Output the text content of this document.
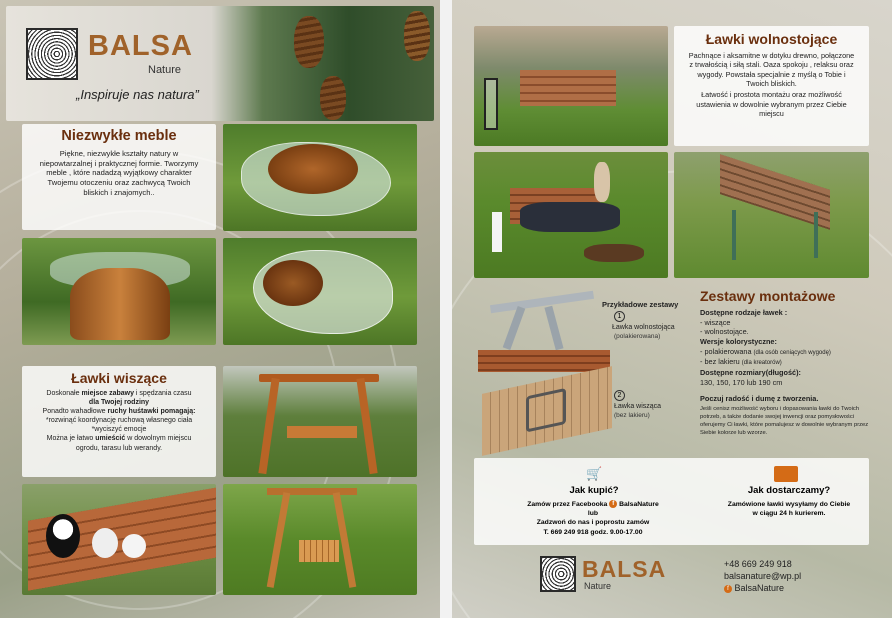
BALSA
Nature
„Inspiruje nas natura”
Niezwykłe meble
Piękne, niezwykłe kształty natury w niepowtarzalnej i praktycznej formie. Tworzymy meble , które nadadzą wyjątkowy charakter Twojemu otoczeniu oraz zachwycą Twoich bliskich i znajomych..
Ławki wiszące
Doskonałe miejsce zabawy i spędzania czasu
dla Twojej rodziny
Ponadto wahadłowe ruchy huśtawki pomagają:
*rozwinąć koordynację ruchową własnego ciała
*wyciszyć emocje
Można je łatwo umieścić w dowolnym miejscu
ogrodu, tarasu lub werandy.
Ławki wolnostojące
Pachnące i aksamitne w dotyku drewno, połączone z trwałością i siłą stali. Oaza spokoju , relaksu oraz wygody. Powstała specjalnie z myślą o Tobie i Twoich bliskich.
Łatwość i prostota montażu oraz możliwość ustawienia w dowolnie wybranym przez Ciebie miejscu
Przykładowe zestawy
1
Ławka wolnostojąca
(polakierowana)
2
Ławka wisząca
(bez lakieru)
Zestawy montażowe
Dostępne rodzaje ławek :
- wiszące
- wolnostojące.
Wersje kolorystyczne:
- polakierowana (dla osób ceniących wygodę)
- bez lakieru (dla kreatorów)
Dostępne rozmiary(długość):
130, 150, 170 lub 190 cm
Poczuj radość i dumę z tworzenia.
Jeśli cenisz możliwość wyboru i dopasowania ławki do Twoich potrzeb, a także dodanie swojej inwencji oraz pomysłowości oferujemy Ci ławki, które pomalujesz w dowolnie wybranym przez Siebie kolorze lub wzorze.
🛒
Jak kupić?
Zamów przez Facebooka f BalsaNature
lub
Zadzwoń do nas i poprostu zamów
T. 669 249 918 godz. 9.00-17.00
Jak dostarczamy?
Zamówione ławki wysyłamy do Ciebie
w ciągu 24 h kurierem.
BALSA
Nature
+48 669 249 918
balsanature@wp.pl
f BalsaNature
